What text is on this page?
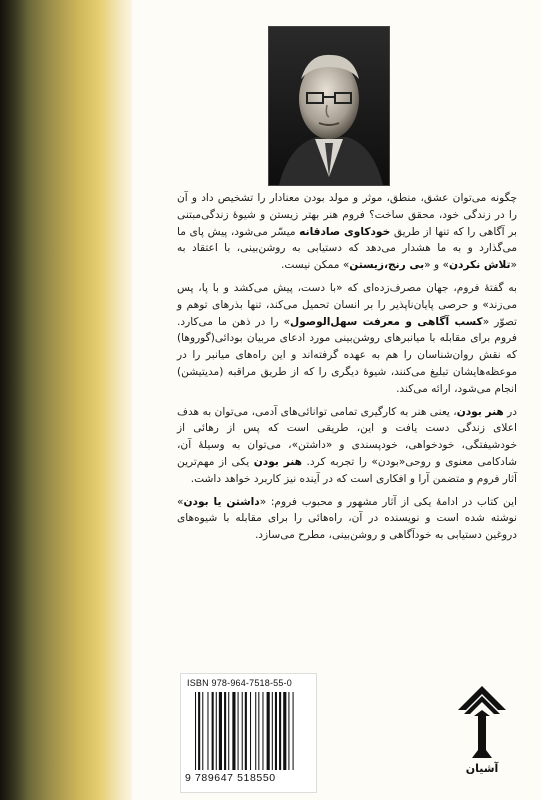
چگونه می‌توان عشق، منطق، موثر و مولد بودن معنادار را تشخیص داد و آن را در زندگی خود، محقق ساخت؟ فروم هنر بهتر زیستن و شیوهٔ زندگی‌مبتنی بر آگاهی را که تنها از طریق خودکاوی صادقانه میسّر می‌شود، پیش پای ما می‌گذارد و به ما هشدار می‌دهد که دستیابی به روشن‌بینی، با اعتقاد به «تلاش نکردن» و «بی رنج،زیستن» ممکن نیست.

به گفتهٔ فروم، جهان مصرف‌زده‌ای که «با دست، پیش می‌کشد و با پا، پس می‌زند» و حرصی پایان‌ناپذیر را بر انسان تحمیل می‌کند، تنها بذرهای توهم و تصوّر «کسب آگاهی و معرفت سهل‌الوصول» را در ذهن ما می‌کارد. فروم برای مقابله با میانبرهای روشن‌بینی مورد ادعای مربیان بودائی(گوروها) که نقش روان‌شناسان را هم به عهده گرفته‌اند و این راه‌های میانبر را در موعظه‌هایشان تبلیغ می‌کنند، شیوهٔ دیگری را که از طریق مراقبه (مدیتیشن) انجام می‌شود، ارائه می‌کند.

در هنر بودن، یعنی هنر به کارگیری تمامی توانائی‌های آدمی، می‌توان به هدف اعلای زندگی دست یافت و این، طریقی است که پس از رهائی از خودشیفتگی، خودخواهی، خودپسندی و «داشتن»، می‌توان به وسیلهٔ آن، شادکامی معنوی و روحی«بودن» را تجربه کرد. هنر بودن یکی از مهم‌ترین آثار فروم و متضمن آرا و افکاری است که در آینده نیز کاربرد خواهد داشت.

این کتاب در ادامهٔ یکی از آثار مشهور و محبوب فروم: «داشتن یا بودن» نوشته شده است و نویسنده در آن، راه‌هائی را برای مقابله با شیوه‌های دروغین دستیابی به خودآگاهی و روشن‌بینی، مطرح می‌سازد.

ISBN 978-964-7518-55-0
9 789647 518550
آشیان
